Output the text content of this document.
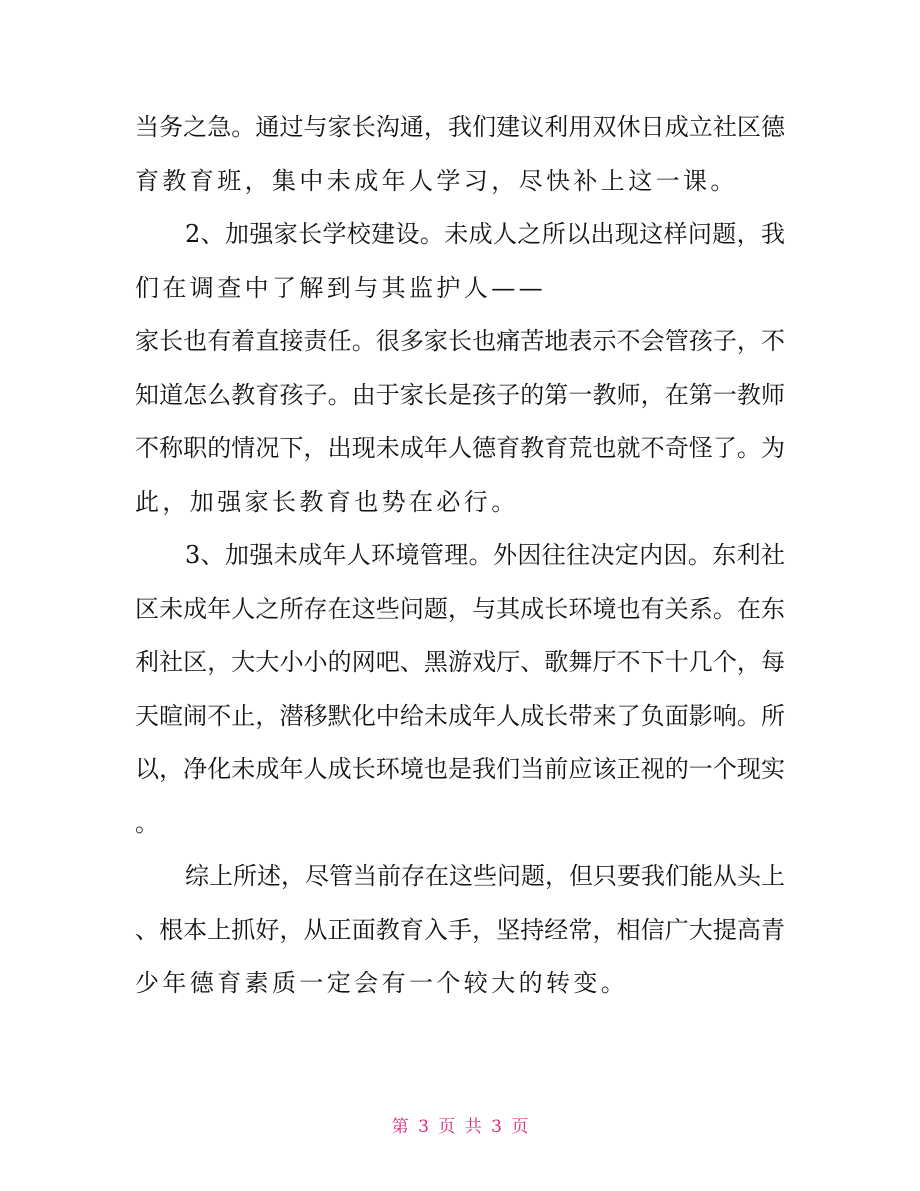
当务之急。通过与家长沟通，我们建议利用双休日成立社区德
育教育班，集中未成年人学习，尽快补上这一课。
2、加强家长学校建设。未成人之所以出现这样问题，我
们在调查中了解到与其监护人——
家长也有着直接责任。很多家长也痛苦地表示不会管孩子，不
知道怎么教育孩子。由于家长是孩子的第一教师，在第一教师
不称职的情况下，出现未成年人德育教育荒也就不奇怪了。为
此，加强家长教育也势在必行。
3、加强未成年人环境管理。外因往往决定内因。东利社
区未成年人之所存在这些问题，与其成长环境也有关系。在东
利社区，大大小小的网吧、黑游戏厅、歌舞厅不下十几个，每
天暄闹不止，潜移默化中给未成年人成长带来了负面影响。所
以，净化未成年人成长环境也是我们当前应该正视的一个现实
。
综上所述，尽管当前存在这些问题，但只要我们能从头上
、根本上抓好，从正面教育入手，坚持经常，相信广大提高青
少年德育素质一定会有一个较大的转变。
第 3 页 共 3 页
